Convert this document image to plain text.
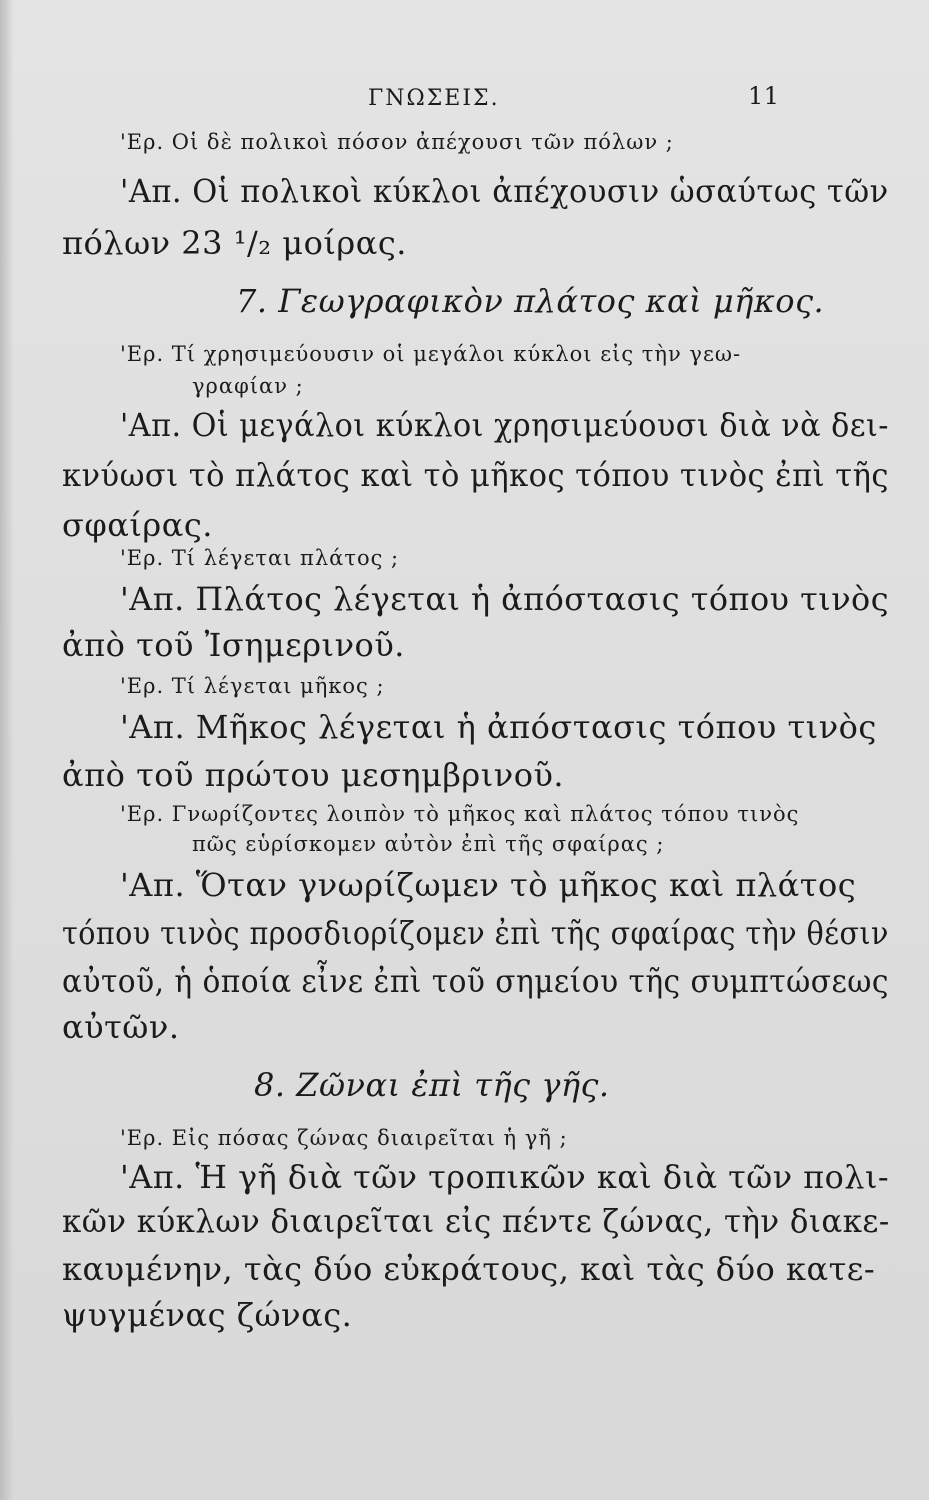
ΓΝΩΣΕΙΣ.	11
'Ερ. Οἱ δὲ πολικοὶ πόσον ἀπέχουσι τῶν πόλων ;
'Απ. Οἱ πολικοὶ κύκλοι ἀπέχουσιν ὡσαύτως τῶν
πόλων 23 ¹/₂ μοίρας.
7. Γεωγραφικὸν πλάτος καὶ μῆκος.
'Ερ. Τί χρησιμεύουσιν οἱ μεγάλοι κύκλοι εἰς τὴν γεω-
γραφίαν ;
'Απ. Οἱ μεγάλοι κύκλοι χρησιμεύουσι διὰ νὰ δει-
κνύωσι τὸ πλάτος καὶ τὸ μῆκος τόπου τινὸς ἐπὶ τῆς
σφαίρας.
'Ερ. Τί λέγεται πλάτος ;
'Απ. Πλάτος λέγεται ἡ ἀπόστασις τόπου τινὸς
ἀπὸ τοῦ Ἰσημερινοῦ.
'Ερ. Τί λέγεται μῆκος ;
'Απ. Μῆκος λέγεται ἡ ἀπόστασις τόπου τινὸς
ἀπὸ τοῦ πρώτου μεσημβρινοῦ.
'Ερ. Γνωρίζοντες λοιπὸν τὸ μῆκος καὶ πλάτος τόπου τινὸς
πῶς εὑρίσκομεν αὐτὸν ἐπὶ τῆς σφαίρας ;
'Απ. Ὅταν γνωρίζωμεν τὸ μῆκος καὶ πλάτος
τόπου τινὸς προσδιορίζομεν ἐπὶ τῆς σφαίρας τὴν θέσιν
αὐτοῦ, ἡ ὁποία εἶνε ἐπὶ τοῦ σημείου τῆς συμπτώσεως
αὐτῶν.
8. Ζῶναι ἐπὶ τῆς γῆς.
'Ερ. Εἰς πόσας ζώνας διαιρεῖται ἡ γῆ ;
'Απ. Ἡ γῆ διὰ τῶν τροπικῶν καὶ διὰ τῶν πολι-
κῶν κύκλων διαιρεῖται εἰς πέντε ζώνας, τὴν διακε-
καυμένην, τὰς δύο εὐκράτους, καὶ τὰς δύο κατε-
ψυγμένας ζώνας.
